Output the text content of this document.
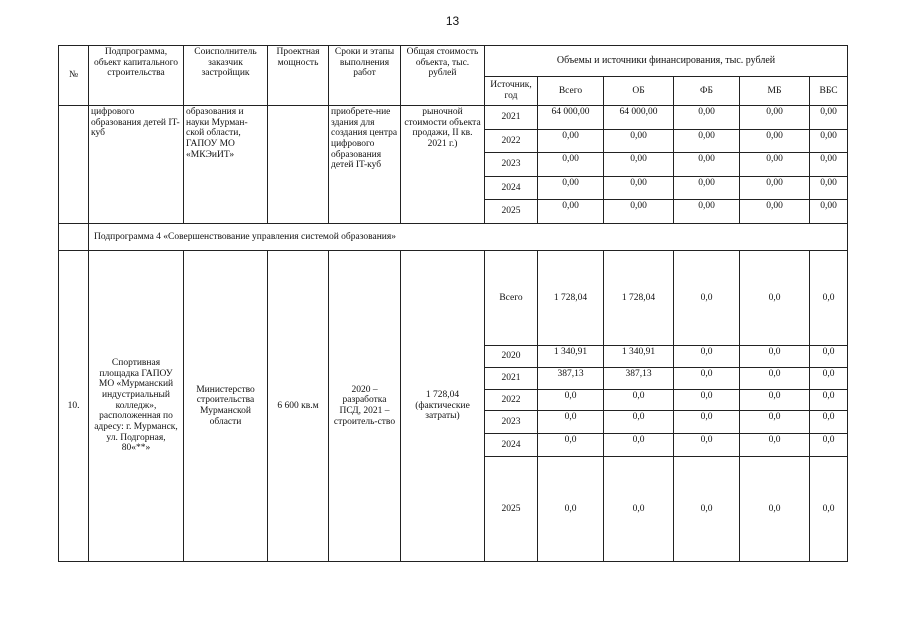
13
№	Подпрограмма, объект капитального строительства	Соисполнитель заказчик застройщик	Проектная мощность	Сроки и этапы выполнения работ	Общая стоимость объекта, тыс. рублей	Объемы и источники финансирования, тыс. рублей					
						Источник, год	Всего	ОБ	ФБ	МБ	ВБС
	цифрового образования детей IT-куб	образования и науки Мурман-ской области, ГАПОУ МО «МКЭиИТ»		приобрете-ние здания для создания центра цифрового образования детей IT-куб	рыночной стоимости объекта продажи, II кв. 2021 г.)	2021	64 000,00	64 000,00	0,00	0,00	0,00
						2022	0,00	0,00	0,00	0,00	0,00
						2023	0,00	0,00	0,00	0,00	0,00
						2024	0,00	0,00	0,00	0,00	0,00
						2025	0,00	0,00	0,00	0,00	0,00
	Подпрограмма 4 «Совершенствование управления системой образования»										
10.	Спортивная площадка ГАПОУ МО «Мурманский индустриальный колледж», расположенная по адресу: г. Мурманск, ул. Подгорная, 80«**»	Министерство строительства Мурманской области	6 600 кв.м	2020 – разработка ПСД, 2021 – строитель-ство	1 728,04 (фактические затраты)	Всего	1 728,04	1 728,04	0,0	0,0	0,0
						2020	1 340,91	1 340,91	0,0	0,0	0,0
						2021	387,13	387,13	0,0	0,0	0,0
						2022	0,0	0,0	0,0	0,0	0,0
						2023	0,0	0,0	0,0	0,0	0,0
						2024	0,0	0,0	0,0	0,0	0,0
						2025	0,0	0,0	0,0	0,0	0,0
